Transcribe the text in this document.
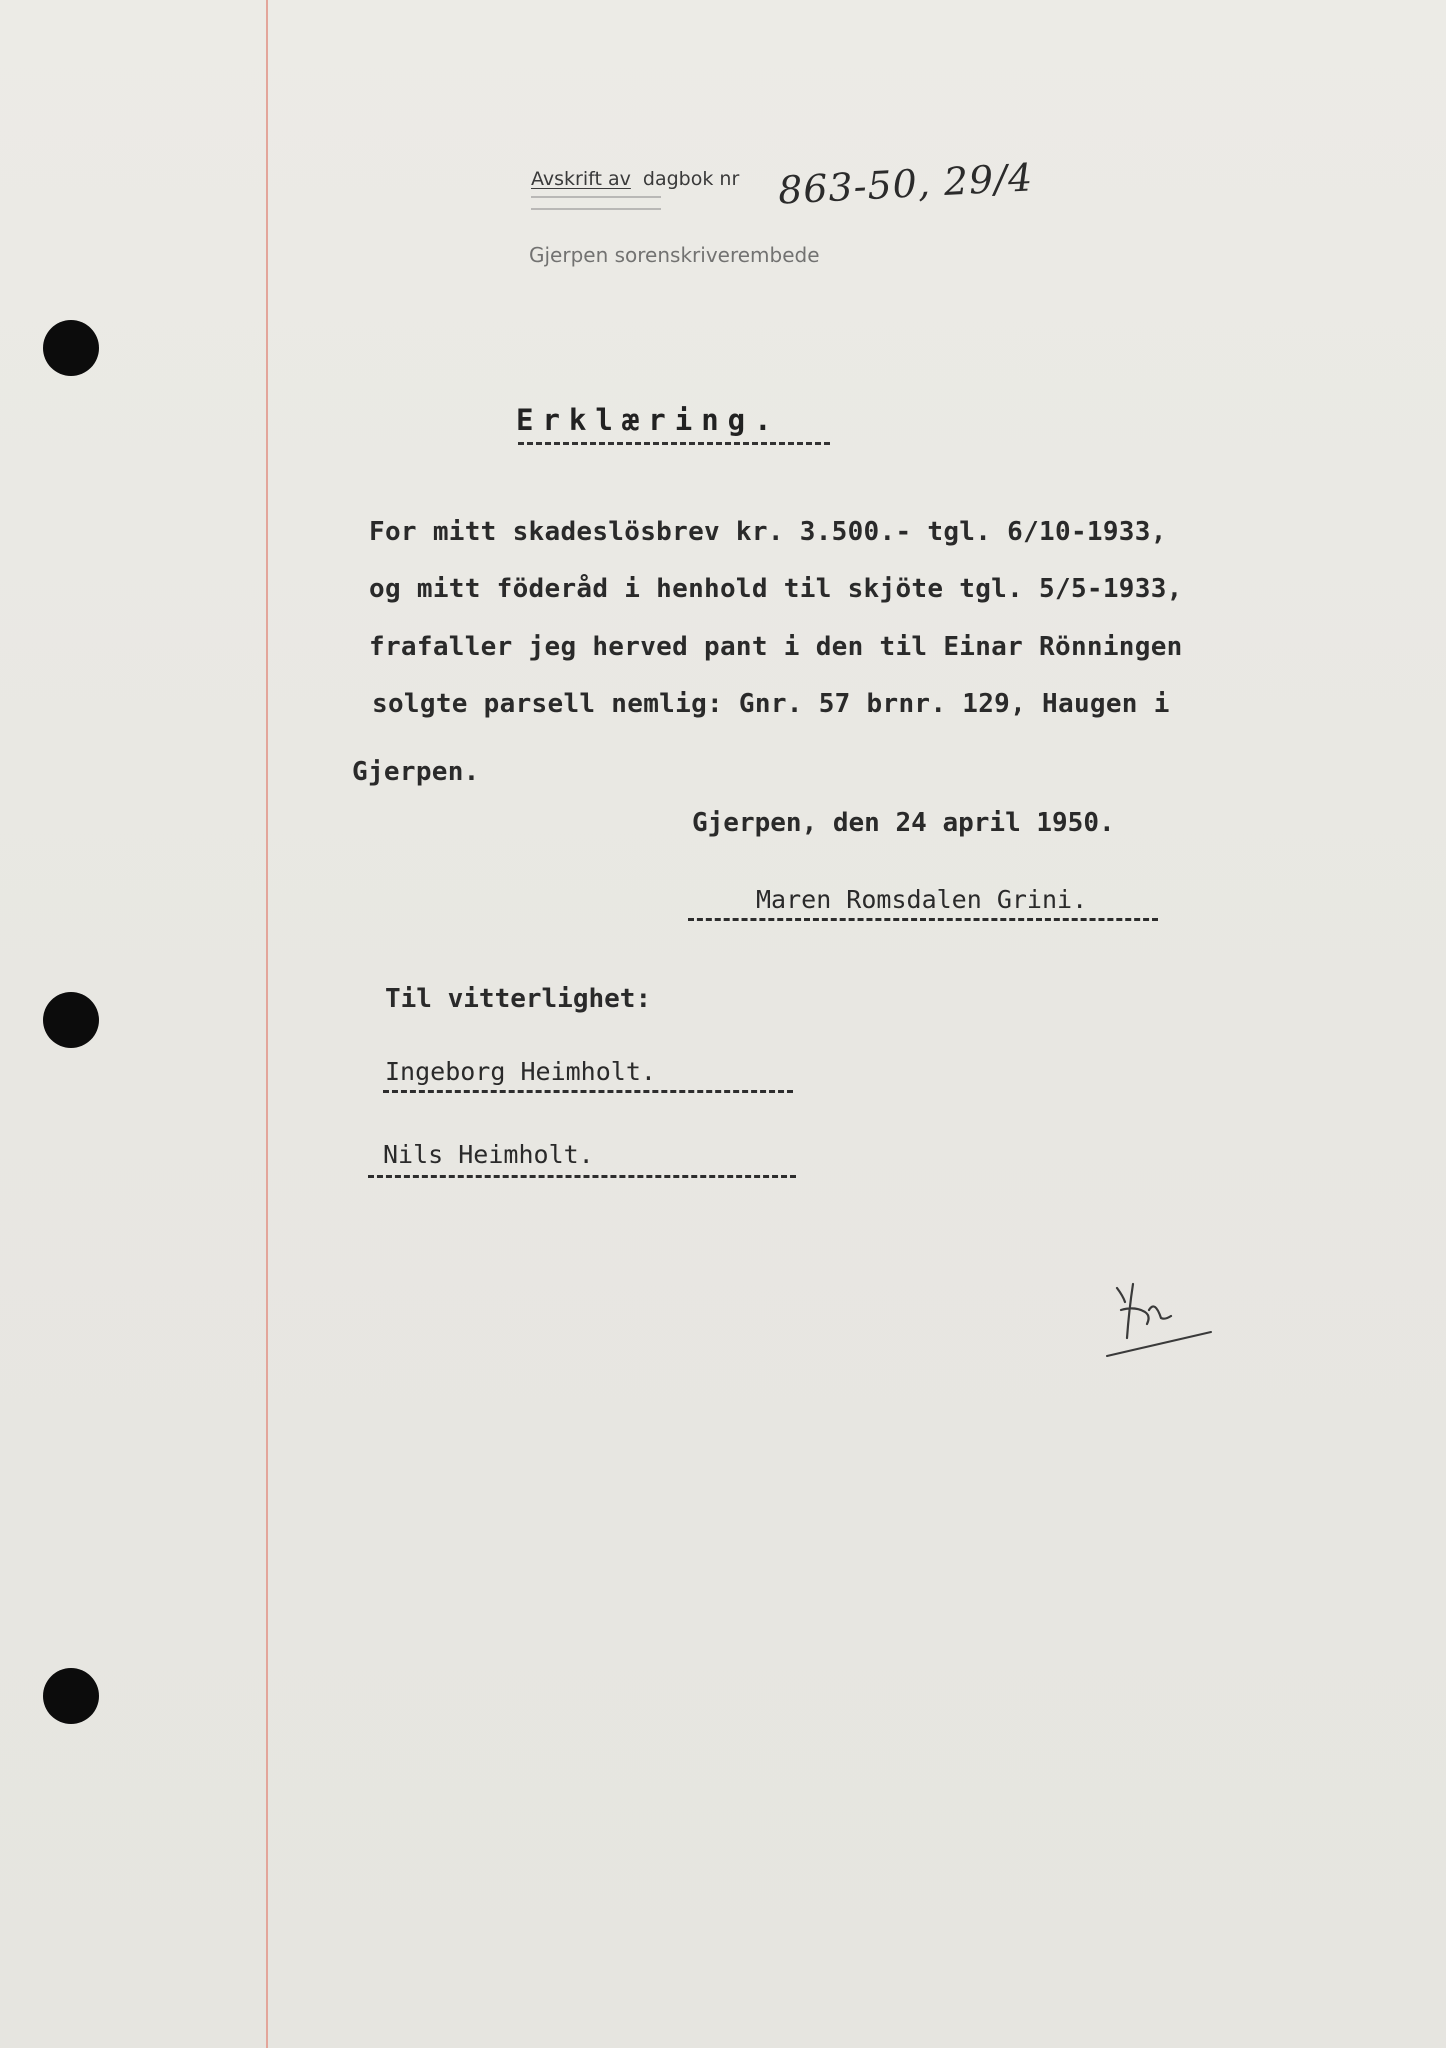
Avskrift av dagbok nr 863-50, 29/4
Gjerpen sorenskriverembede
Erklæring.
For mitt skadeslösbrev kr. 3.500.- tgl. 6/10-1933,
og mitt föderåd i henhold til skjöte tgl. 5/5-1933,
frafaller jeg herved pant i den til Einar Rönningen
solgte parsell nemlig: Gnr. 57 brnr. 129, Haugen i
Gjerpen.
Gjerpen, den 24 april 1950.
Maren Romsdalen Grini.
Til vitterlighet:
Ingeborg Heimholt.
Nils Heimholt.
